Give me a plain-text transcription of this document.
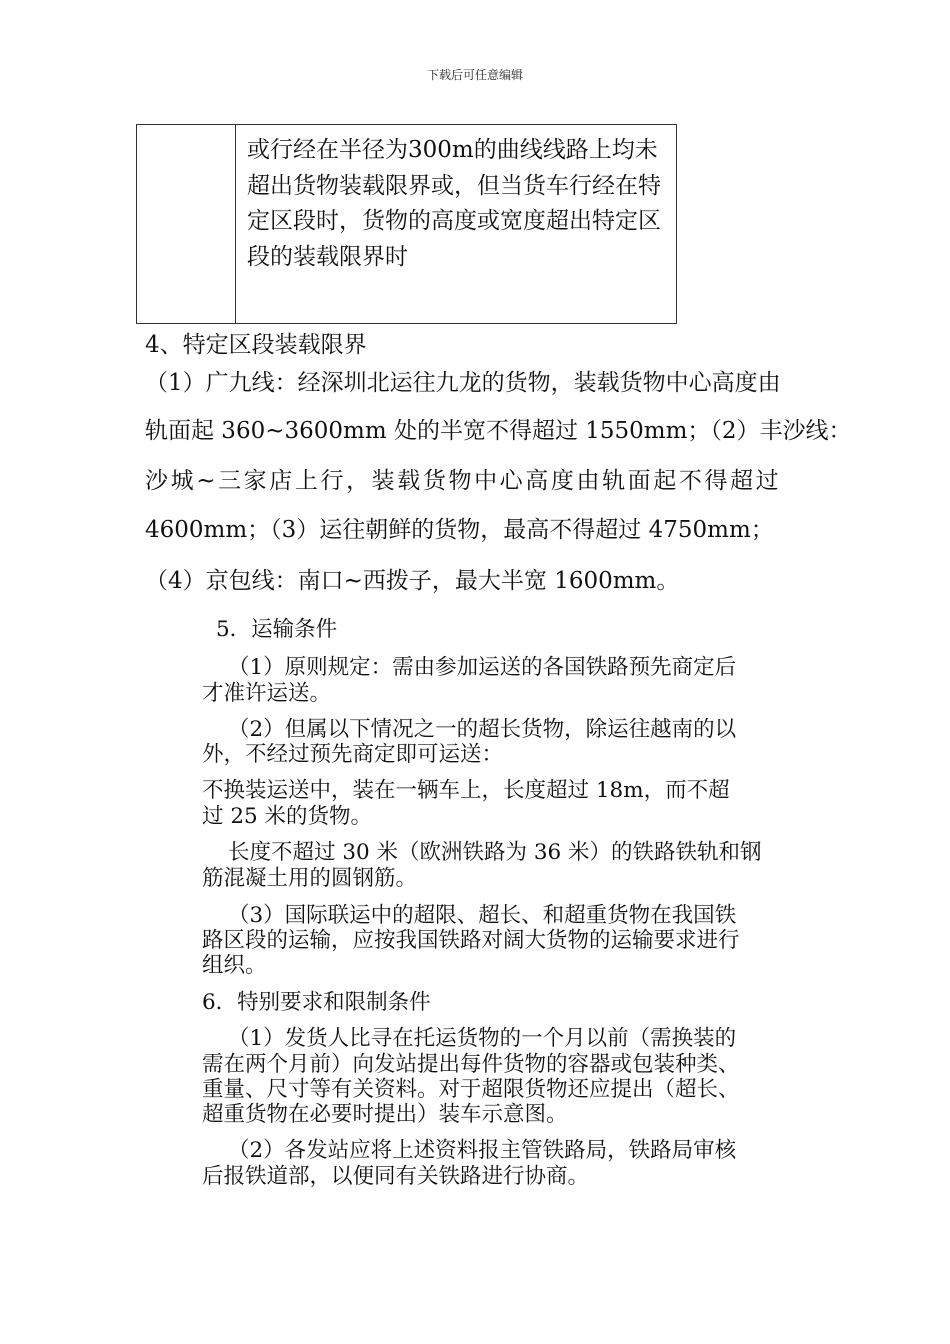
下载后可任意编辑
或行经在半径为300m的曲线线路上均未超出货物装载限界或，但当货车行经在特定区段时，货物的高度或宽度超出特定区段的装载限界时
4、特定区段装载限界
（1）广九线：经深圳北运往九龙的货物，装载货物中心高度由
轨面起 360~3600mm 处的半宽不得超过 1550mm；（2）丰沙线：
沙城~三家店上行，装载货物中心高度由轨面起不得超过
4600mm；（3）运往朝鲜的货物，最高不得超过 4750mm；
（4）京包线：南口~西拨子，最大半宽 1600mm。
5．运输条件
（1）原则规定：需由参加运送的各国铁路预先商定后
才准许运送。
（2）但属以下情况之一的超长货物，除运往越南的以
外，不经过预先商定即可运送：
不换装运送中，装在一辆车上，长度超过 18m，而不超
过 25 米的货物。
长度不超过 30 米（欧洲铁路为 36 米）的铁路铁轨和钢
筋混凝土用的圆钢筋。
（3）国际联运中的超限、超长、和超重货物在我国铁
路区段的运输，应按我国铁路对阔大货物的运输要求进行
组织。
6．特别要求和限制条件
（1）发货人比寻在托运货物的一个月以前（需换装的
需在两个月前）向发站提出每件货物的容器或包装种类、
重量、尺寸等有关资料。对于超限货物还应提出（超长、
超重货物在必要时提出）装车示意图。
（2）各发站应将上述资料报主管铁路局，铁路局审核
后报铁道部，以便同有关铁路进行协商。
